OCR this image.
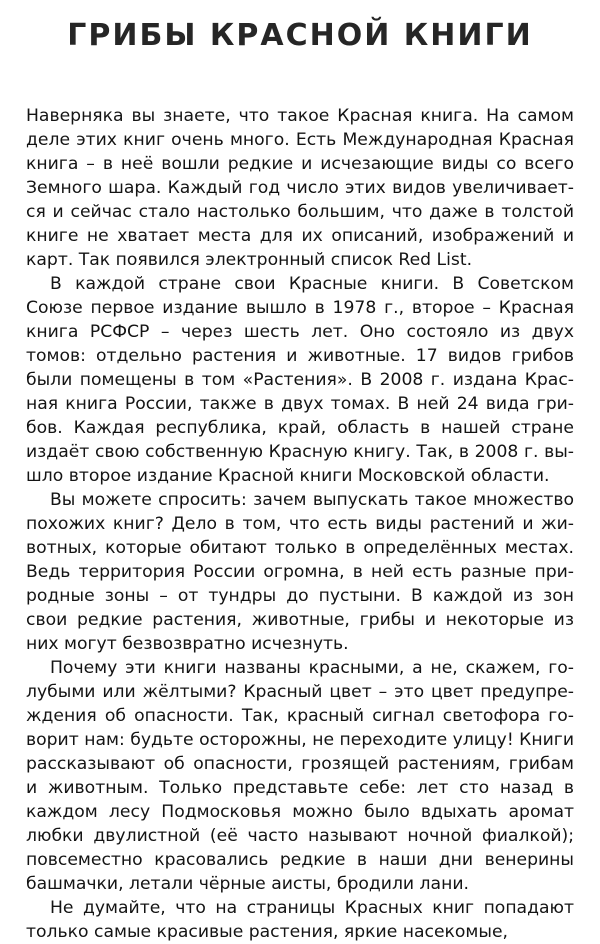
ГРИБЫ КРАСНОЙ КНИГИ

Наверняка вы знаете, что такое Красная книга. На самом деле этих книг очень много. Есть Международная Красная книга – в неё вошли редкие и исчезающие виды со всего Земного шара. Каждый год число этих видов увеличивается и сейчас стало настолько большим, что даже в толстой книге не хватает места для их описаний, изображений и карт. Так появился электронный список Red List.

В каждой стране свои Красные книги. В Советском Союзе первое издание вышло в 1978 г., второе – Красная книга РСФСР – через шесть лет. Оно состояло из двух томов: отдельно растения и животные. 17 видов грибов были помещены в том «Растения». В 2008 г. издана Красная книга России, также в двух томах. В ней 24 вида грибов. Каждая республика, край, область в нашей стране издаёт свою собственную Красную книгу. Так, в 2008 г. вышло второе издание Красной книги Московской области.

Вы можете спросить: зачем выпускать такое множество похожих книг? Дело в том, что есть виды растений и животных, которые обитают только в определённых местах. Ведь территория России огромна, в ней есть разные природные зоны – от тундры до пустыни. В каждой из зон свои редкие растения, животные, грибы и некоторые из них могут безвозвратно исчезнуть.

Почему эти книги названы красными, а не, скажем, голубыми или жёлтыми? Красный цвет – это цвет предупреждения об опасности. Так, красный сигнал светофора говорит нам: будьте осторожны, не переходите улицу! Книги рассказывают об опасности, грозящей растениям, грибам и животным. Только представьте себе: лет сто назад в каждом лесу Подмосковья можно было вдыхать аромат любки двулистной (её часто называют ночной фиалкой); повсеместно красовались редкие в наши дни венерины башмачки, летали чёрные аисты, бродили лани.

Не думайте, что на страницы Красных книг попадают только самые красивые растения, яркие насекомые,
